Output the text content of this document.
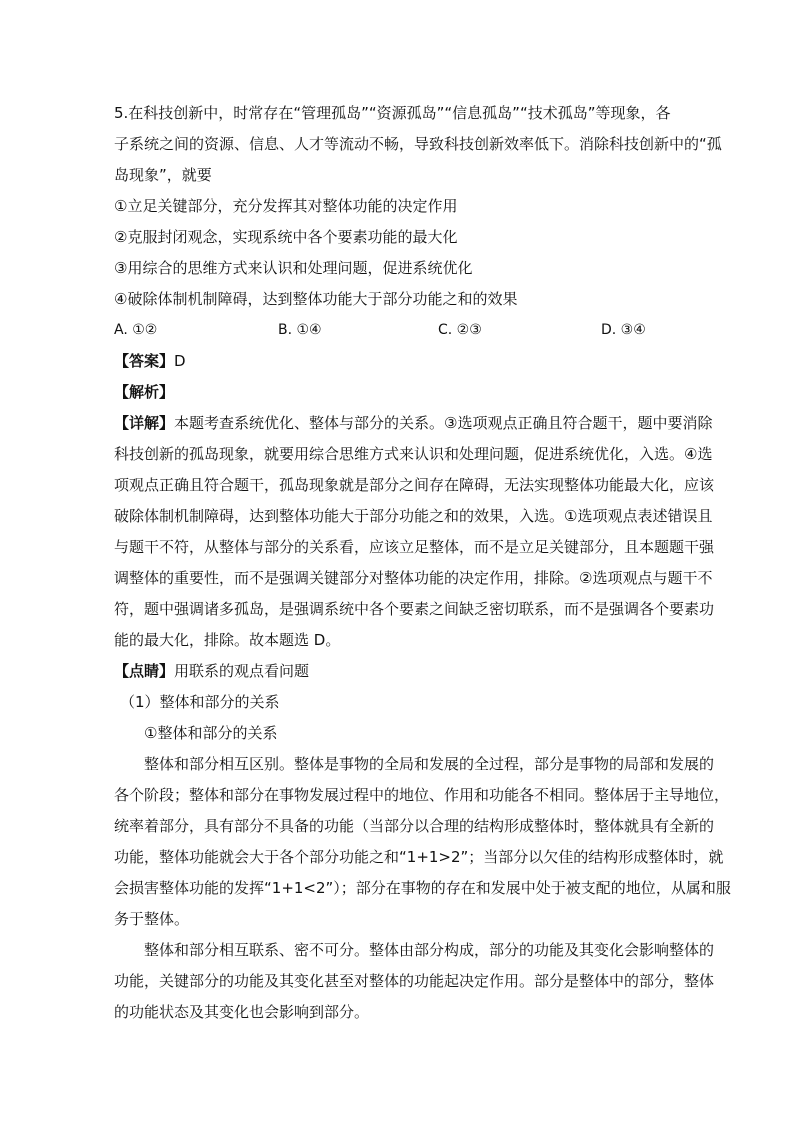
5.在科技创新中，时常存在“管理孤岛”“资源孤岛”“信息孤岛”“技术孤岛”等现象，各

子系统之间的资源、信息、人才等流动不畅，导致科技创新效率低下。消除科技创新中的“孤

岛现象”，就要

①立足关键部分，充分发挥其对整体功能的决定作用

②克服封闭观念，实现系统中各个要素功能的最大化

③用综合的思维方式来认识和处理问题，促进系统优化

④破除体制机制障碍，达到整体功能大于部分功能之和的效果

A. ①②	B. ①④	C. ②③	D. ③④

【答案】D

【解析】

【详解】本题考查系统优化、整体与部分的关系。③选项观点正确且符合题干，题中要消除

科技创新的孤岛现象，就要用综合思维方式来认识和处理问题，促进系统优化，入选。④选

项观点正确且符合题干，孤岛现象就是部分之间存在障碍，无法实现整体功能最大化，应该

破除体制机制障碍，达到整体功能大于部分功能之和的效果，入选。①选项观点表述错误且

与题干不符，从整体与部分的关系看，应该立足整体，而不是立足关键部分，且本题题干强

调整体的重要性，而不是强调关键部分对整体功能的决定作用，排除。②选项观点与题干不

符，题中强调诸多孤岛，是强调系统中各个要素之间缺乏密切联系，而不是强调各个要素功

能的最大化，排除。故本题选 D。

【点睛】用联系的观点看问题

（1）整体和部分的关系

①整体和部分的关系

整体和部分相互区别。整体是事物的全局和发展的全过程，部分是事物的局部和发展的

各个阶段；整体和部分在事物发展过程中的地位、作用和功能各不相同。整体居于主导地位，

统率着部分，具有部分不具备的功能（当部分以合理的结构形成整体时，整体就具有全新的

功能，整体功能就会大于各个部分功能之和“1+1>2”；当部分以欠佳的结构形成整体时，就

会损害整体功能的发挥“1+1<2”）；部分在事物的存在和发展中处于被支配的地位，从属和服

务于整体。

整体和部分相互联系、密不可分。整体由部分构成，部分的功能及其变化会影响整体的

功能，关键部分的功能及其变化甚至对整体的功能起决定作用。部分是整体中的部分，整体

的功能状态及其变化也会影响到部分。
